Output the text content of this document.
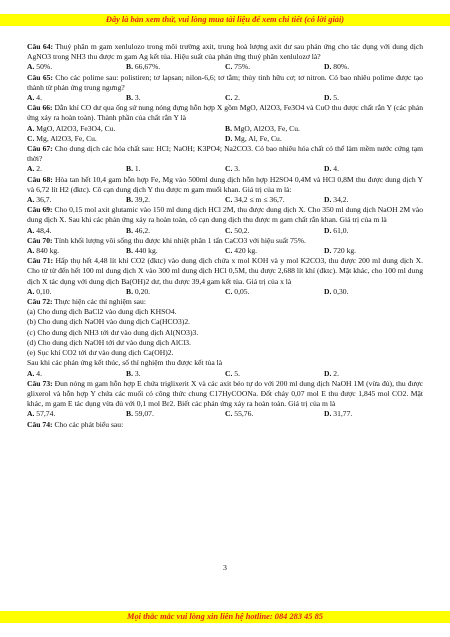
Đây là bản xem thử, vui lòng mua tài liệu để xem chi tiết (có lời giải)

Câu 64: Thuỷ phân m gam xenlulozo trong môi trường axit, trung hoà lượng axit dư sau phản ứng cho tác dụng với dung dịch AgNO3 trong NH3 thu được m gam Ag kết tủa. Hiệu suất của phản ứng thuỷ phân xenlulozơ là?

A. 50%.	B. 66,67%.	C. 75%.	D. 80%.

Câu 65: Cho các polime sau: polistiren; tơ lapsan; nilon-6,6; tơ tằm; thủy tinh hữu cơ; tơ nitron. Có bao nhiêu polime được tạo thành từ phản ứng trung ngưng?

A. 4.	B. 3.	C. 2.	D. 5.

Câu 66: Dẫn khí CO dư qua ống sứ nung nóng đựng hỗn hợp X gồm MgO, Al2O3, Fe3O4 và CuO thu được chất rắn Y (các phản ứng xảy ra hoàn toàn). Thành phần của chất rắn Y là

A. MgO, Al2O3, Fe3O4, Cu.	B. MgO, Al2O3, Fe, Cu.
C. Mg, Al2O3, Fe, Cu.	D. Mg, Al, Fe, Cu.

Câu 67: Cho dung dịch các hóa chất sau: HCl; NaOH; K3PO4; Na2CO3. Có bao nhiêu hóa chất có thể làm mềm nước cứng tạm thời?

A. 2.	B. 1.	C. 3.	D. 4.

Câu 68: Hòa tan hết 10,4 gam hỗn hợp Fe, Mg vào 500ml dung dịch hỗn hợp H2SO4 0,4M và HCl 0,8M thu được dung dịch Y và 6,72 lít H2 (đktc). Cô cạn dung dịch Y thu được m gam muối khan. Giá trị của m là:

A. 36,7.	B. 39,2.	C. 34,2 ≤ m ≤ 36,7.	D. 34,2.

Câu 69: Cho 0,15 mol axit glutamic vào 150 ml dung dịch HCl 2M, thu được dung dịch X. Cho 350 ml dung dịch NaOH 2M vào dung dịch X. Sau khi các phản ứng xảy ra hoàn toàn, cô cạn dung dịch thu được m gam chất rắn khan. Giá trị của m là

A. 48,4.	B. 46,2.	C. 50,2.	D. 61,0.

Câu 70: Tính khối lượng vôi sống thu được khi nhiệt phân 1 tấn CaCO3 với hiệu suất 75%.

A. 840 kg.	B. 440 kg.	C. 420 kg.	D. 720 kg.

Câu 71: Hấp thụ hết 4,48 lít khí CO2 (đktc) vào dung dịch chứa x mol KOH và y mol K2CO3, thu được 200 ml dung dịch X. Cho từ từ đến hết 100 ml dung dịch X vào 300 ml dung dịch HCl 0,5M, thu được 2,688 lít khí (đktc). Mặt khác, cho 100 ml dung dịch X tác dụng với dung dịch Ba(OH)2 dư, thu được 39,4 gam kết tủa. Giá trị của x là

A. 0,10.	B. 0,20.	C. 0,05.	D. 0,30.

Câu 72: Thực hiện các thí nghiệm sau:

(a) Cho dung dịch BaCl2 vào dung dịch KHSO4.

(b) Cho dung dịch NaOH vào dung dịch Ca(HCO3)2.

(c) Cho dung dịch NH3 tới dư vào dung dịch Al(NO3)3.

(d) Cho dung dịch NaOH tới dư vào dung dịch AlCl3.

(e) Sục khí CO2 tới dư vào dung dịch Ca(OH)2.

Sau khi các phản ứng kết thúc, số thí nghiệm thu được kết tủa là

A. 4.	B. 3.	C. 5.	D. 2.

Câu 73: Đun nóng m gam hỗn hợp E chứa triglixerit X và các axit béo tự do với 200 ml dung dịch NaOH 1M (vừa đủ), thu được glixerol và hỗn hợp Y chứa các muối có công thức chung C17HyCOONa. Đốt cháy 0,07 mol E thu được 1,845 mol CO2. Mặt khác, m gam E tác dụng vừa đủ với 0,1 mol Br2. Biết các phản ứng xảy ra hoàn toàn. Giá trị của m là

A. 57,74.	B. 59,07.	C. 55,76.	D. 31,77.

Câu 74: Cho các phát biểu sau:

3
Mọi thắc mắc vui lòng xin liên hệ hotline: 084 283 45 85
